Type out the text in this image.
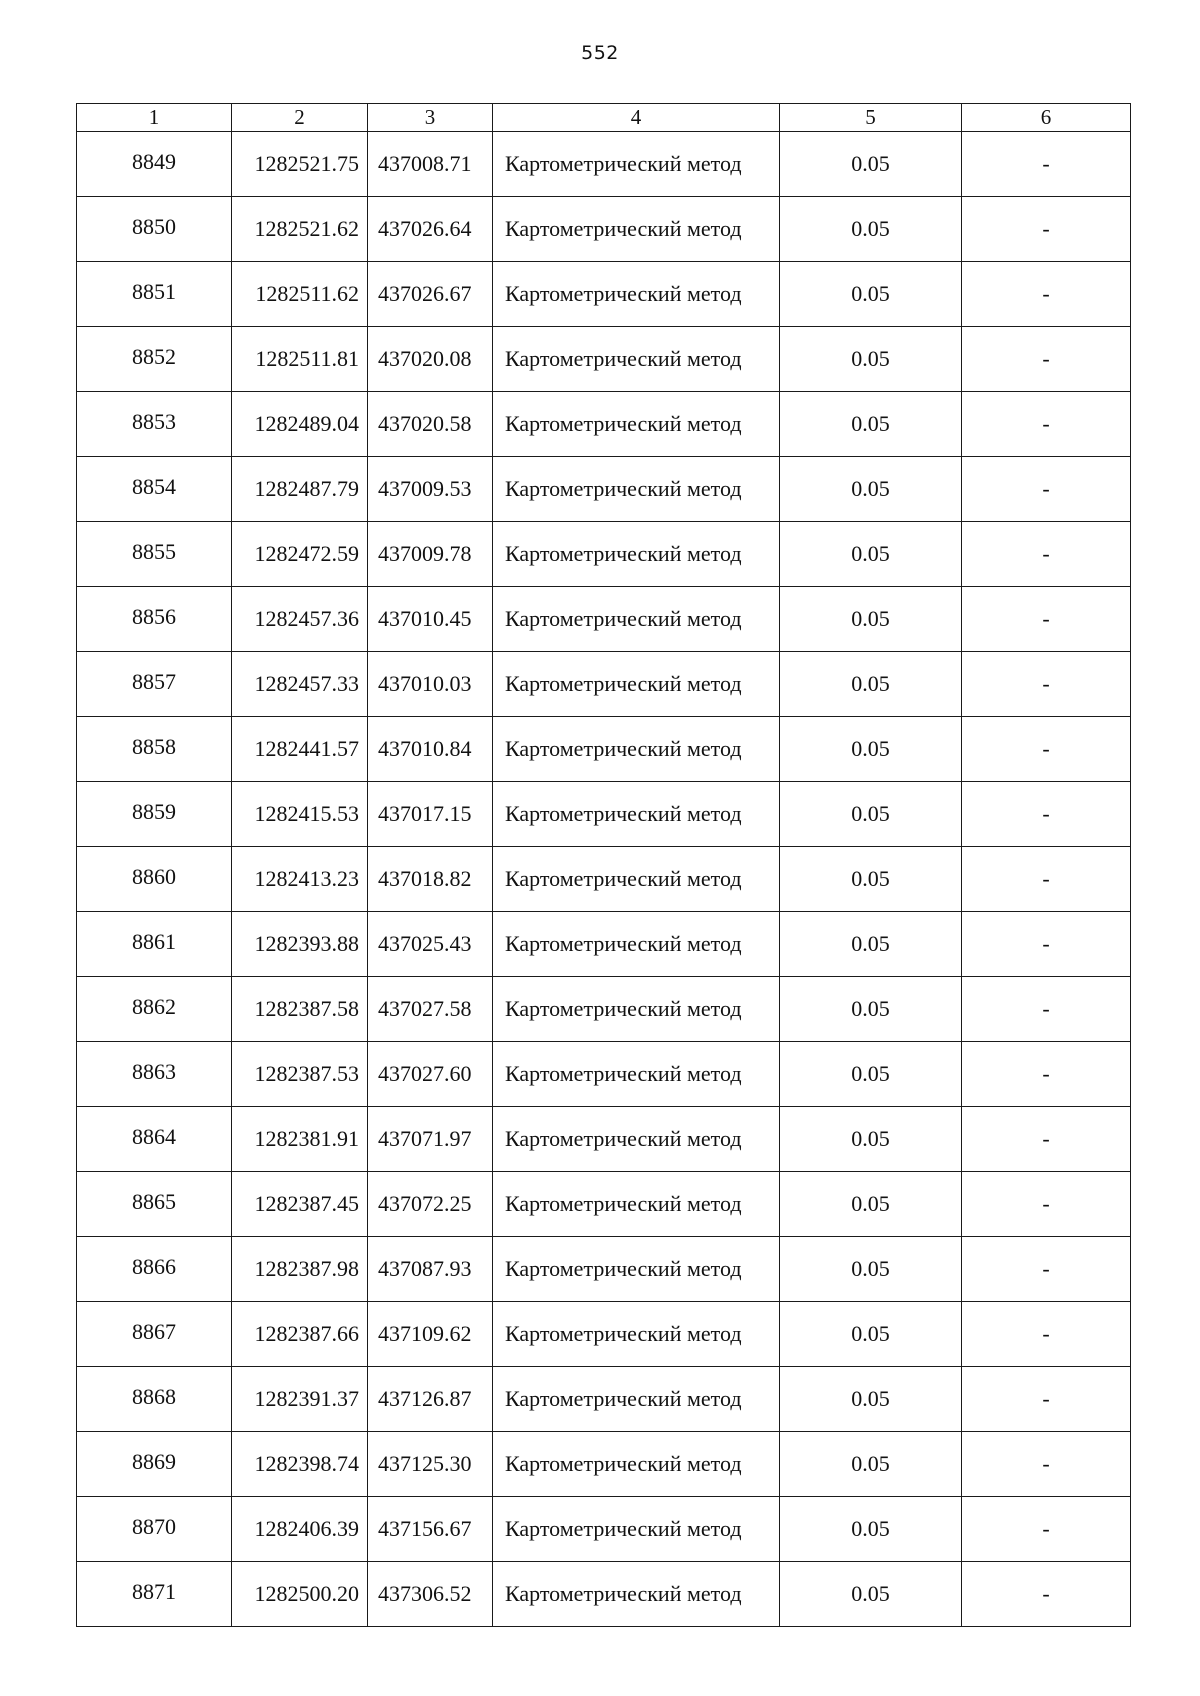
552
1	2	3	4	5	6
8849	1282521.75	437008.71	Картометрический метод	0.05	-
8850	1282521.62	437026.64	Картометрический метод	0.05	-
8851	1282511.62	437026.67	Картометрический метод	0.05	-
8852	1282511.81	437020.08	Картометрический метод	0.05	-
8853	1282489.04	437020.58	Картометрический метод	0.05	-
8854	1282487.79	437009.53	Картометрический метод	0.05	-
8855	1282472.59	437009.78	Картометрический метод	0.05	-
8856	1282457.36	437010.45	Картометрический метод	0.05	-
8857	1282457.33	437010.03	Картометрический метод	0.05	-
8858	1282441.57	437010.84	Картометрический метод	0.05	-
8859	1282415.53	437017.15	Картометрический метод	0.05	-
8860	1282413.23	437018.82	Картометрический метод	0.05	-
8861	1282393.88	437025.43	Картометрический метод	0.05	-
8862	1282387.58	437027.58	Картометрический метод	0.05	-
8863	1282387.53	437027.60	Картометрический метод	0.05	-
8864	1282381.91	437071.97	Картометрический метод	0.05	-
8865	1282387.45	437072.25	Картометрический метод	0.05	-
8866	1282387.98	437087.93	Картометрический метод	0.05	-
8867	1282387.66	437109.62	Картометрический метод	0.05	-
8868	1282391.37	437126.87	Картометрический метод	0.05	-
8869	1282398.74	437125.30	Картометрический метод	0.05	-
8870	1282406.39	437156.67	Картометрический метод	0.05	-
8871	1282500.20	437306.52	Картометрический метод	0.05	-
